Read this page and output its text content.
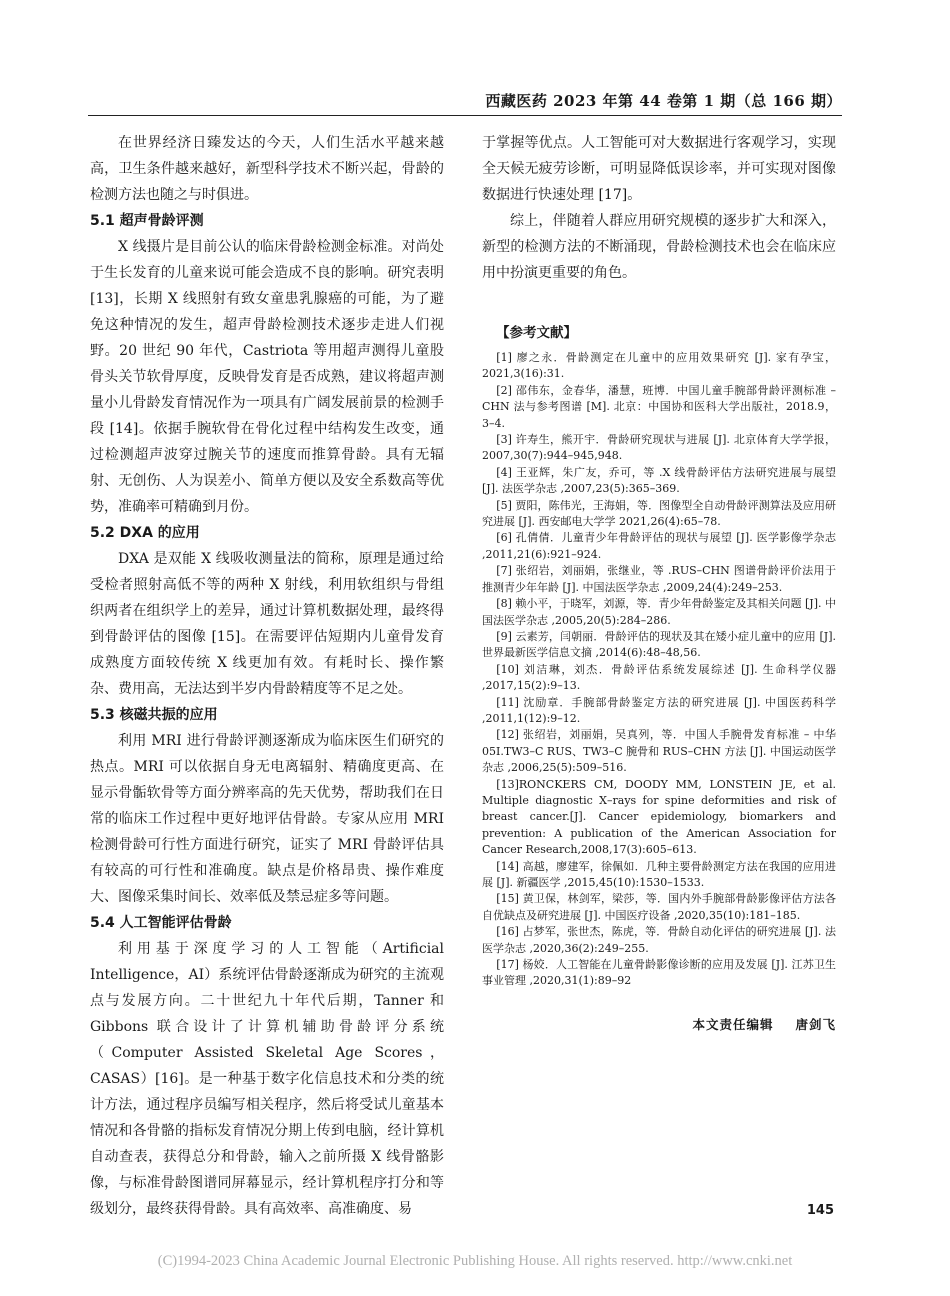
西藏医药 2023 年第 44 卷第 1 期（总 166 期）

在世界经济日臻发达的今天，人们生活水平越来越高，卫生条件越来越好，新型科学技术不断兴起，骨龄的检测方法也随之与时俱进。

5.1 超声骨龄评测

X 线摄片是目前公认的临床骨龄检测金标准。对尚处于生长发育的儿童来说可能会造成不良的影响。研究表明 [13]，长期 X 线照射有致女童患乳腺癌的可能，为了避免这种情况的发生，超声骨龄检测技术逐步走进人们视野。20 世纪 90 年代，Castriota 等用超声测得儿童股骨头关节软骨厚度，反映骨发育是否成熟，建议将超声测量小儿骨龄发育情况作为一项具有广阔发展前景的检测手段 [14]。依据手腕软骨在骨化过程中结构发生改变，通过检测超声波穿过腕关节的速度而推算骨龄。具有无辐射、无创伤、人为误差小、简单方便以及安全系数高等优势，准确率可精确到月份。

5.2 DXA 的应用

DXA 是双能 X 线吸收测量法的简称，原理是通过给受检者照射高低不等的两种 X 射线，利用软组织与骨组织两者在组织学上的差异，通过计算机数据处理，最终得到骨龄评估的图像 [15]。在需要评估短期内儿童骨发育成熟度方面较传统 X 线更加有效。有耗时长、操作繁杂、费用高，无法达到半岁内骨龄精度等不足之处。

5.3 核磁共振的应用

利用 MRI 进行骨龄评测逐渐成为临床医生们研究的热点。MRI 可以依据自身无电离辐射、精确度更高、在显示骨骺软骨等方面分辨率高的先天优势，帮助我们在日常的临床工作过程中更好地评估骨龄。专家从应用 MRI 检测骨龄可行性方面进行研究，证实了 MRI 骨龄评估具有较高的可行性和准确度。缺点是价格昂贵、操作难度大、图像采集时间长、效率低及禁忌症多等问题。

5.4 人工智能评估骨龄

利用基于深度学习的人工智能（Artificial Intelligence，AI）系统评估骨龄逐渐成为研究的主流观点与发展方向。二十世纪九十年代后期，Tanner 和 Gibbons 联合设计了计算机辅助骨龄评分系统（Computer Assisted Skeletal Age Scores，CASAS）[16]。是一种基于数字化信息技术和分类的统计方法，通过程序员编写相关程序，然后将受试儿童基本情况和各骨骼的指标发育情况分期上传到电脑，经计算机自动查表，获得总分和骨龄，输入之前所摄 X 线骨骼影像，与标准骨龄图谱同屏幕显示，经计算机程序打分和等级划分，最终获得骨龄。具有高效率、高准确度、易

于掌握等优点。人工智能可对大数据进行客观学习，实现全天候无疲劳诊断，可明显降低误诊率，并可实现对图像数据进行快速处理 [17]。

综上，伴随着人群应用研究规模的逐步扩大和深入，新型的检测方法的不断涌现，骨龄检测技术也会在临床应用中扮演更重要的角色。

【参考文献】

[1] 廖之永．骨龄测定在儿童中的应用效果研究 [J]. 家有孕宝，2021,3(16):31.

[2] 邵伟东，金春华，潘慧，班博．中国儿童手腕部骨龄评测标准 –CHN 法与参考图谱 [M]. 北京：中国协和医科大学出版社，2018.9，3–4.

[3] 许寿生，熊开宇．骨龄研究现状与进展 [J]. 北京体育大学学报，2007,30(7):944–945,948.

[4] 王亚辉，朱广友，乔可，等 .X 线骨龄评估方法研究进展与展望 [J]. 法医学杂志 ,2007,23(5):365–369.

[5] 贾阳，陈伟光，王海娟，等．图像型全自动骨龄评测算法及应用研究进展 [J]. 西安邮电大学学 2021,26(4):65–78.

[6] 孔倩倩．儿童青少年骨龄评估的现状与展望 [J]. 医学影像学杂志 ,2011,21(6):921–924.

[7] 张绍岩，刘丽娟，张继业，等 .RUS–CHN 图谱骨龄评价法用于推测青少年年龄 [J]. 中国法医学杂志 ,2009,24(4):249–253.

[8] 赖小平，于晓军，刘源，等．青少年骨龄鉴定及其相关问题 [J]. 中国法医学杂志 ,2005,20(5):284–286.

[9] 云素芳，闫朝丽．骨龄评估的现状及其在矮小症儿童中的应用 [J]. 世界最新医学信息文摘 ,2014(6):48–48,56.

[10] 刘洁琳，刘杰．骨龄评估系统发展综述 [J]. 生命科学仪器 ,2017,15(2):9–13.

[11] 沈励章．手腕部骨龄鉴定方法的研究进展 [J]. 中国医药科学 ,2011,1(12):9–12.

[12] 张绍岩，刘丽娟，吴真列，等．中国人手腕骨发育标准 – 中华 05Ⅰ.TW3–C RUS、TW3–C 腕骨和 RUS–CHN 方法 [J]. 中国运动医学杂志 ,2006,25(5):509–516.

[13]RONCKERS CM, DOODY MM, LONSTEIN JE, et al. Multiple diagnostic X–rays for spine deformities and risk of breast cancer.[J]. Cancer epidemiology, biomarkers and prevention: A publication of the American Association for Cancer Research,2008,17(3):605–613.

[14] 高越，廖建军，徐佩如．几种主要骨龄测定方法在我国的应用进展 [J]. 新疆医学 ,2015,45(10):1530–1533.

[15] 黄卫保，林剑军，梁莎，等．国内外手腕部骨龄影像评估方法各自优缺点及研究进展 [J]. 中国医疗设备 ,2020,35(10):181–185.

[16] 占梦军，张世杰，陈虎，等．骨龄自动化评估的研究进展 [J]. 法医学杂志 ,2020,36(2):249–255.

[17] 杨姣．人工智能在儿童骨龄影像诊断的应用及发展 [J]. 江苏卫生事业管理 ,2020,31(1):89–92

本文责任编辑 唐剑飞
145
(C)1994-2023 China Academic Journal Electronic Publishing House. All rights reserved. http://www.cnki.net
